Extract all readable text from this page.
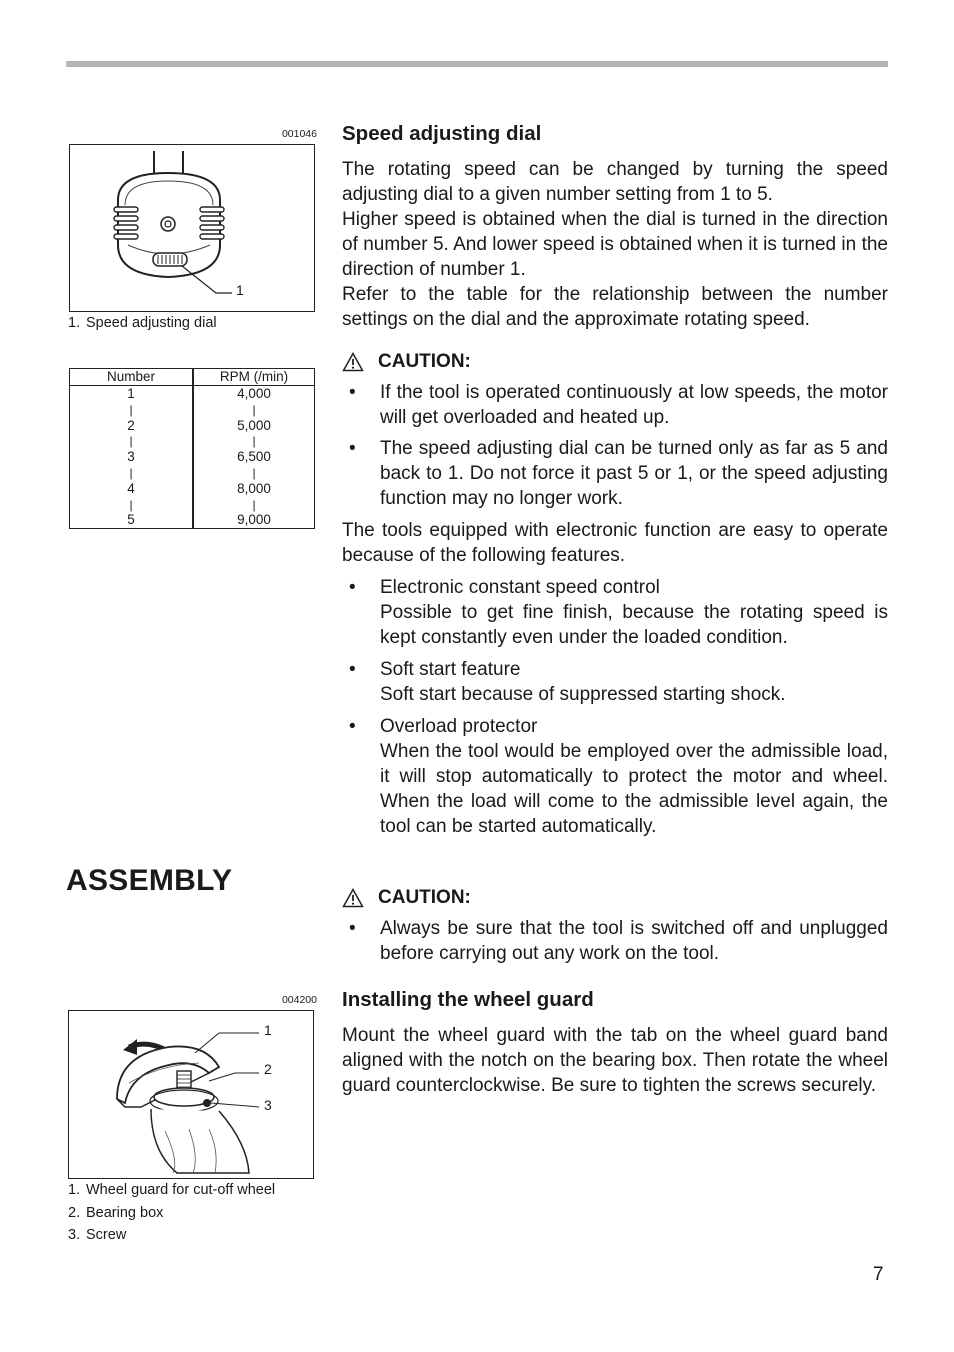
001046
1
1. Speed adjusting dial
Number	RPM (/min)
1	4,000
|	|
2	5,000
|	|
3	6,500
|	|
4	8,000
|	|
5	9,000
ASSEMBLY
004200
1
2
3
1. Wheel guard for cut-off wheel
2. Bearing box
3. Screw
Speed adjusting dial

The rotating speed can be changed by turning the speed adjusting dial to a given number setting from 1 to 5.

Higher speed is obtained when the dial is turned in the direction of number 5. And lower speed is obtained when it is turned in the direction of number 1.

Refer to the table for the relationship between the number settings on the dial and the approximate rotating speed.

CAUTION:
• If the tool is operated continuously at low speeds, the motor will get overloaded and heated up.
• The speed adjusting dial can be turned only as far as 5 and back to 1. Do not force it past 5 or 1, or the speed adjusting function may no longer work.

The tools equipped with electronic function are easy to operate because of the following features.

• Electronic constant speed control
Possible to get fine finish, because the rotating speed is kept constantly even under the loaded condition.
• Soft start feature
Soft start because of suppressed starting shock.
• Overload protector
When the tool would be employed over the admissible load, it will stop automatically to protect the motor and wheel. When the load will come to the admissible level again, the tool can be started automatically.
CAUTION:
• Always be sure that the tool is switched off and unplugged before carrying out any work on the tool.
Installing the wheel guard

Mount the wheel guard with the tab on the wheel guard band aligned with the notch on the bearing box. Then rotate the wheel guard counterclockwise. Be sure to tighten the screws securely.

7
